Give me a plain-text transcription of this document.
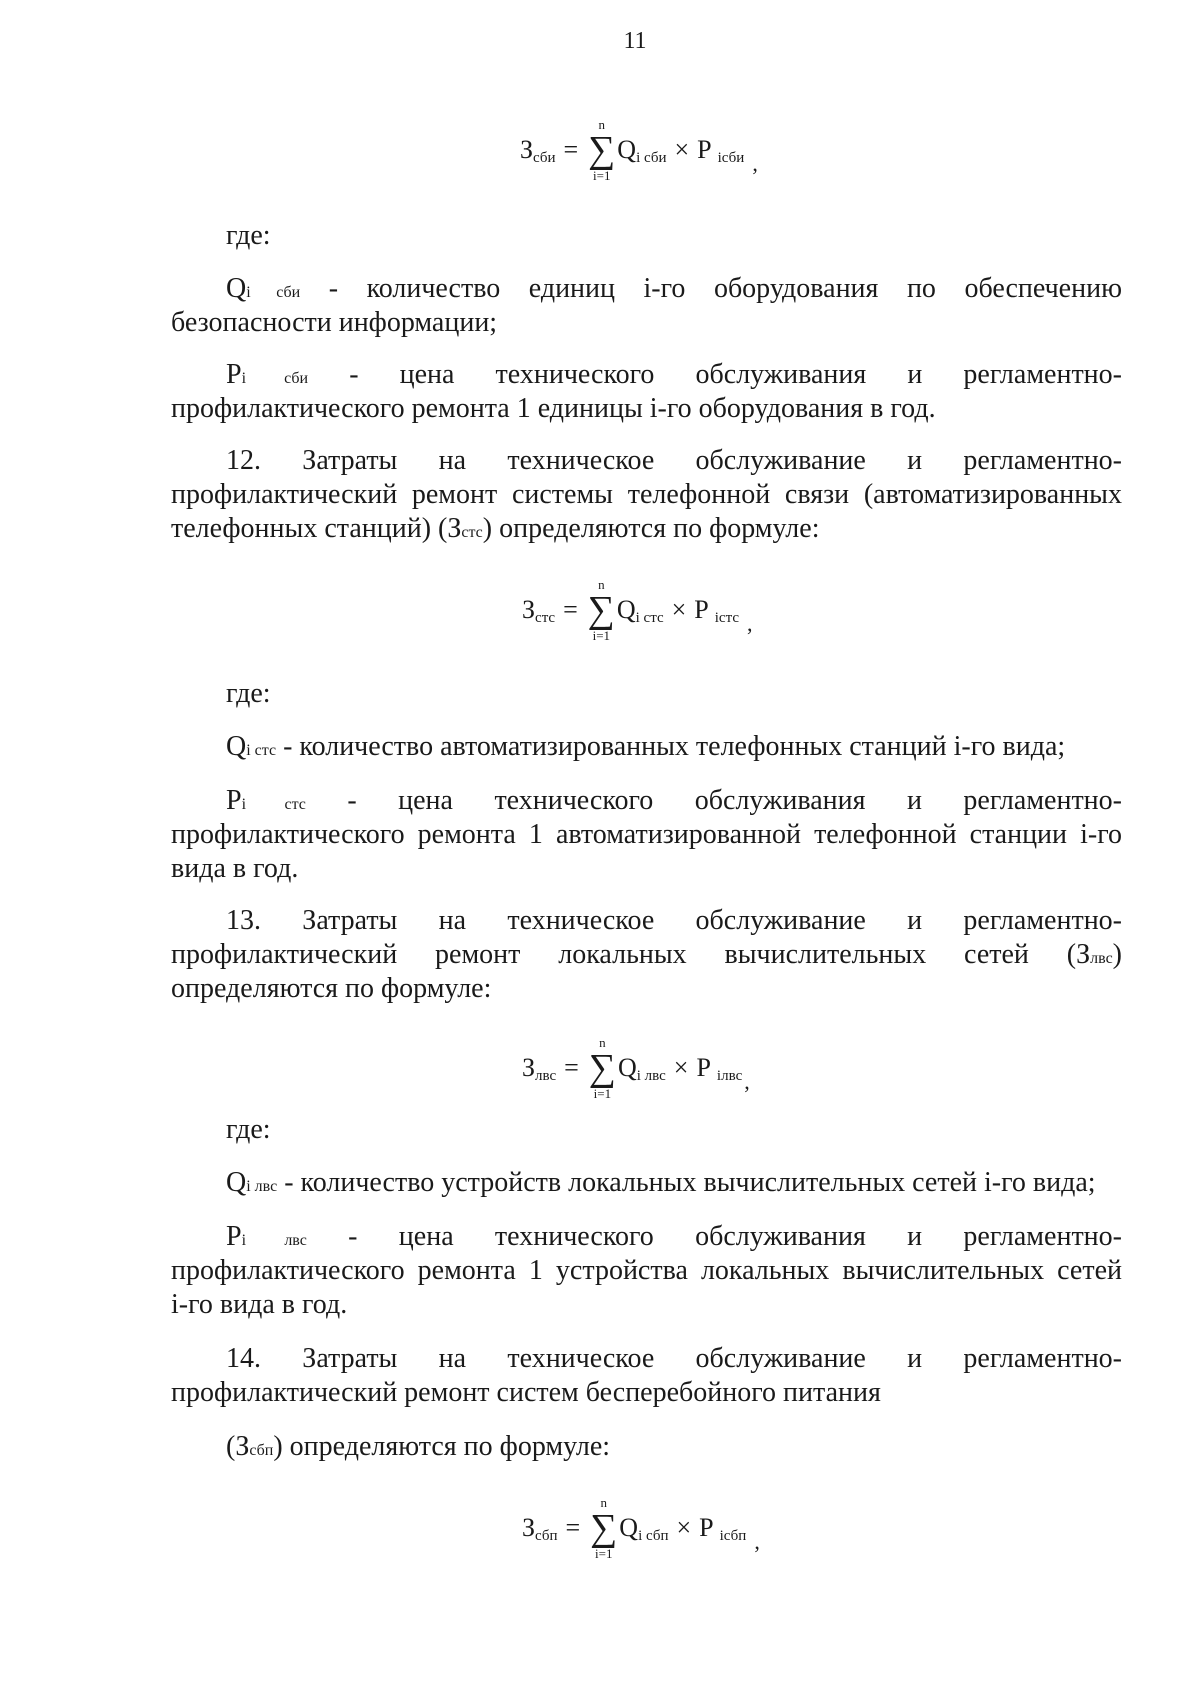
11
З сби =
n
∑
i=1
Q i сби × P iсби ,
где:
Qi сби - количество единиц i-го оборудования по обеспечению
безопасности информации;
Pi сби - цена технического обслуживания и регламентно-
профилактического ремонта 1 единицы i-го оборудования в год.
12. Затраты на техническое обслуживание и регламентно-
профилактический ремонт системы телефонной связи (автоматизированных
телефонных станций) (Зстс) определяются по формуле:
З стс =
n
∑
i=1
Q i стс × P iстс ,
где:
Qi стс - количество автоматизированных телефонных станций i-го вида;
Pi стс - цена технического обслуживания и регламентно-
профилактического ремонта 1 автоматизированной телефонной станции i-го
вида в год.
13. Затраты на техническое обслуживание и регламентно-
профилактический ремонт локальных вычислительных сетей (Злвс)
определяются по формуле:
З лвс =
n
∑
i=1
Q i лвс × P iлвс ,
где:
Qi лвс - количество устройств локальных вычислительных сетей i-го вида;
Pi лвс - цена технического обслуживания и регламентно-
профилактического ремонта 1 устройства локальных вычислительных сетей
i-го вида в год.
14. Затраты на техническое обслуживание и регламентно-
профилактический ремонт систем бесперебойного питания
(Зсбп) определяются по формуле:
З сбп =
n
∑
i=1
Q i сбп × P iсбп ,
